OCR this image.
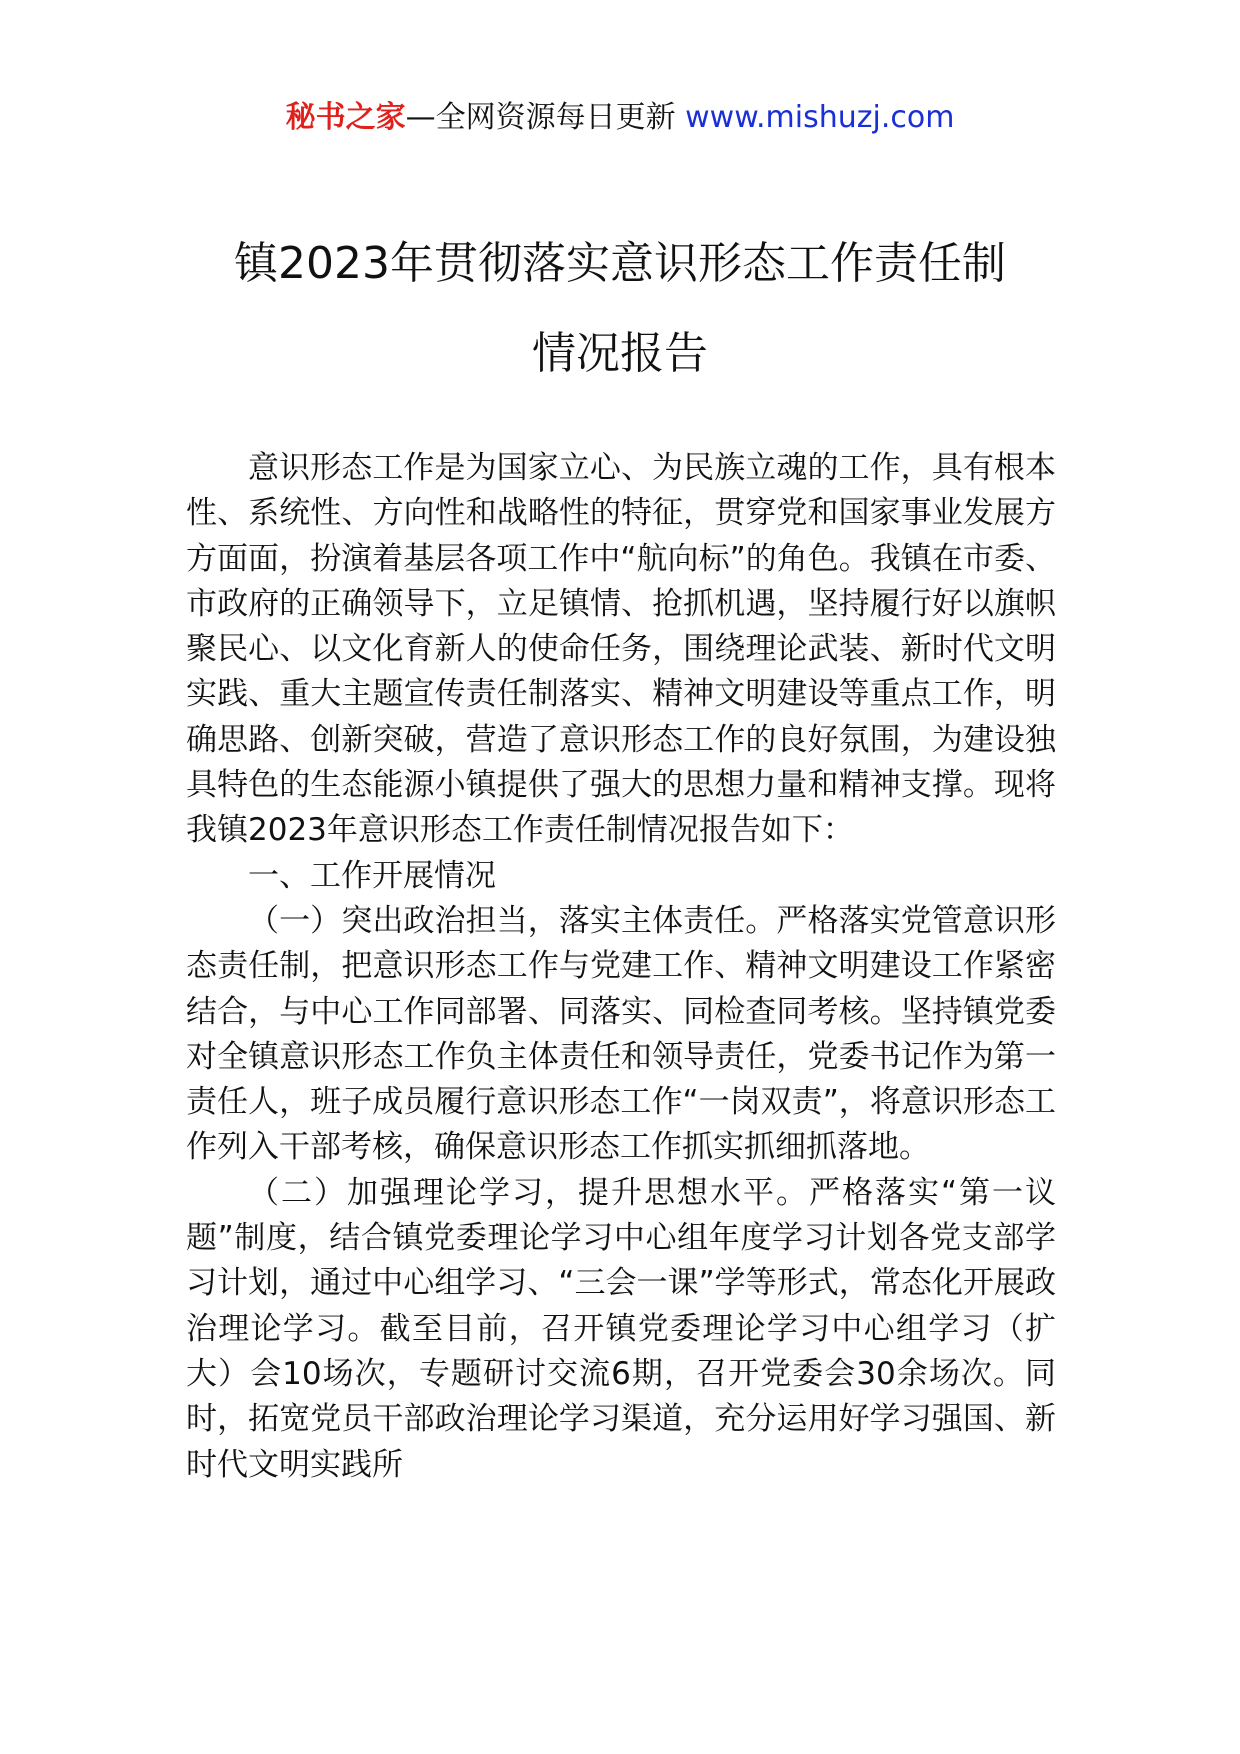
秘书之家—全网资源每日更新 www.mishuzj.com
镇2023年贯彻落实意识形态工作责任制
情况报告

意识形态工作是为国家立心、为民族立魂的工作，具有根本性、系统性、方向性和战略性的特征，贯穿党和国家事业发展方方面面，扮演着基层各项工作中“航向标”的角色。我镇在市委、市政府的正确领导下，立足镇情、抢抓机遇，坚持履行好以旗帜聚民心、以文化育新人的使命任务，围绕理论武装、新时代文明实践、重大主题宣传责任制落实、精神文明建设等重点工作，明确思路、创新突破，营造了意识形态工作的良好氛围，为建设独具特色的生态能源小镇提供了强大的思想力量和精神支撑。现将我镇2023年意识形态工作责任制情况报告如下：

一、工作开展情况

（一）突出政治担当，落实主体责任。严格落实党管意识形态责任制，把意识形态工作与党建工作、精神文明建设工作紧密结合，与中心工作同部署、同落实、同检查同考核。坚持镇党委对全镇意识形态工作负主体责任和领导责任，党委书记作为第一责任人，班子成员履行意识形态工作“一岗双责”，将意识形态工作列入干部考核，确保意识形态工作抓实抓细抓落地。

（二）加强理论学习，提升思想水平。严格落实“第一议题”制度，结合镇党委理论学习中心组年度学习计划各党支部学习计划，通过中心组学习、“三会一课”学等形式，常态化开展政治理论学习。截至目前，召开镇党委理论学习中心组学习（扩大）会10场次，专题研讨交流6期，召开党委会30余场次。同时，拓宽党员干部政治理论学习渠道，充分运用好学习强国、新时代文明实践所
